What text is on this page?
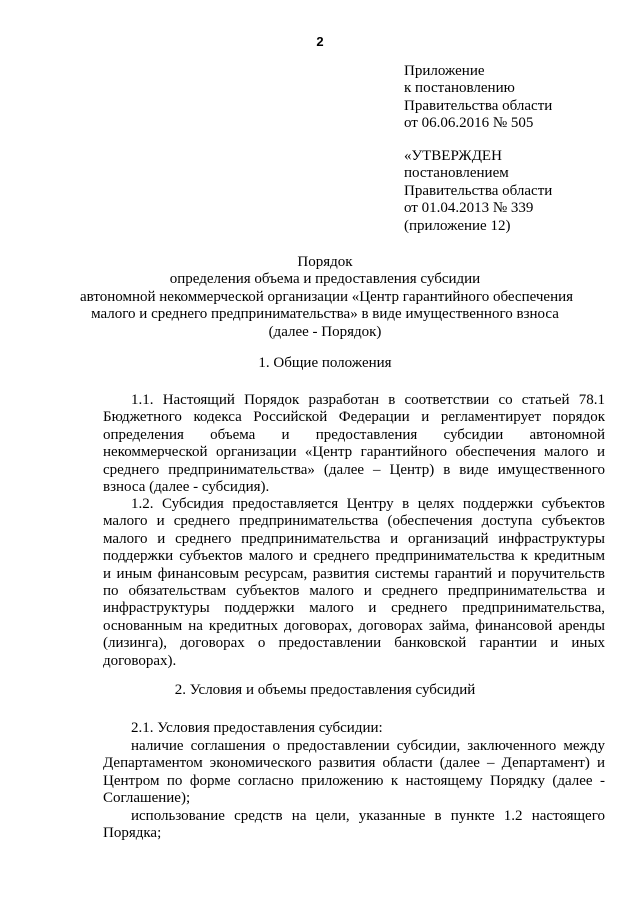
2
Приложение
к постановлению
Правительства области
от 06.06.2016 № 505
«УТВЕРЖДЕН
постановлением
Правительства области
от 01.04.2013 № 339
(приложение 12)
Порядок
определения объема и предоставления субсидии
автономной некоммерческой организации «Центр гарантийного обеспечения
малого и среднего предпринимательства» в виде имущественного взноса
(далее - Порядок)
1. Общие положения
1.1. Настоящий Порядок разработан в соответствии со статьей 78.1
Бюджетного кодекса Российской Федерации и регламентирует порядок
определения объема и предоставления субсидии автономной
некоммерческой организации «Центр гарантийного обеспечения малого и
среднего предпринимательства» (далее – Центр) в виде имущественного
взноса (далее - субсидия).
1.2. Субсидия предоставляется Центру в целях поддержки субъектов
малого и среднего предпринимательства (обеспечения доступа субъектов
малого и среднего предпринимательства и организаций инфраструктуры
поддержки субъектов малого и среднего предпринимательства к кредитным
и иным финансовым ресурсам, развития системы гарантий и поручительств
по обязательствам субъектов малого и среднего предпринимательства и
инфраструктуры поддержки малого и среднего предпринимательства,
основанным на кредитных договорах, договорах займа, финансовой аренды
(лизинга), договорах о предоставлении банковской гарантии и иных
договорах).
2. Условия и объемы предоставления субсидий
2.1. Условия предоставления субсидии:
наличие соглашения о предоставлении субсидии, заключенного между
Департаментом экономического развития области (далее – Департамент) и
Центром по форме согласно приложению к настоящему Порядку (далее -
Соглашение);
использование средств на цели, указанные в пункте 1.2 настоящего
Порядка;
